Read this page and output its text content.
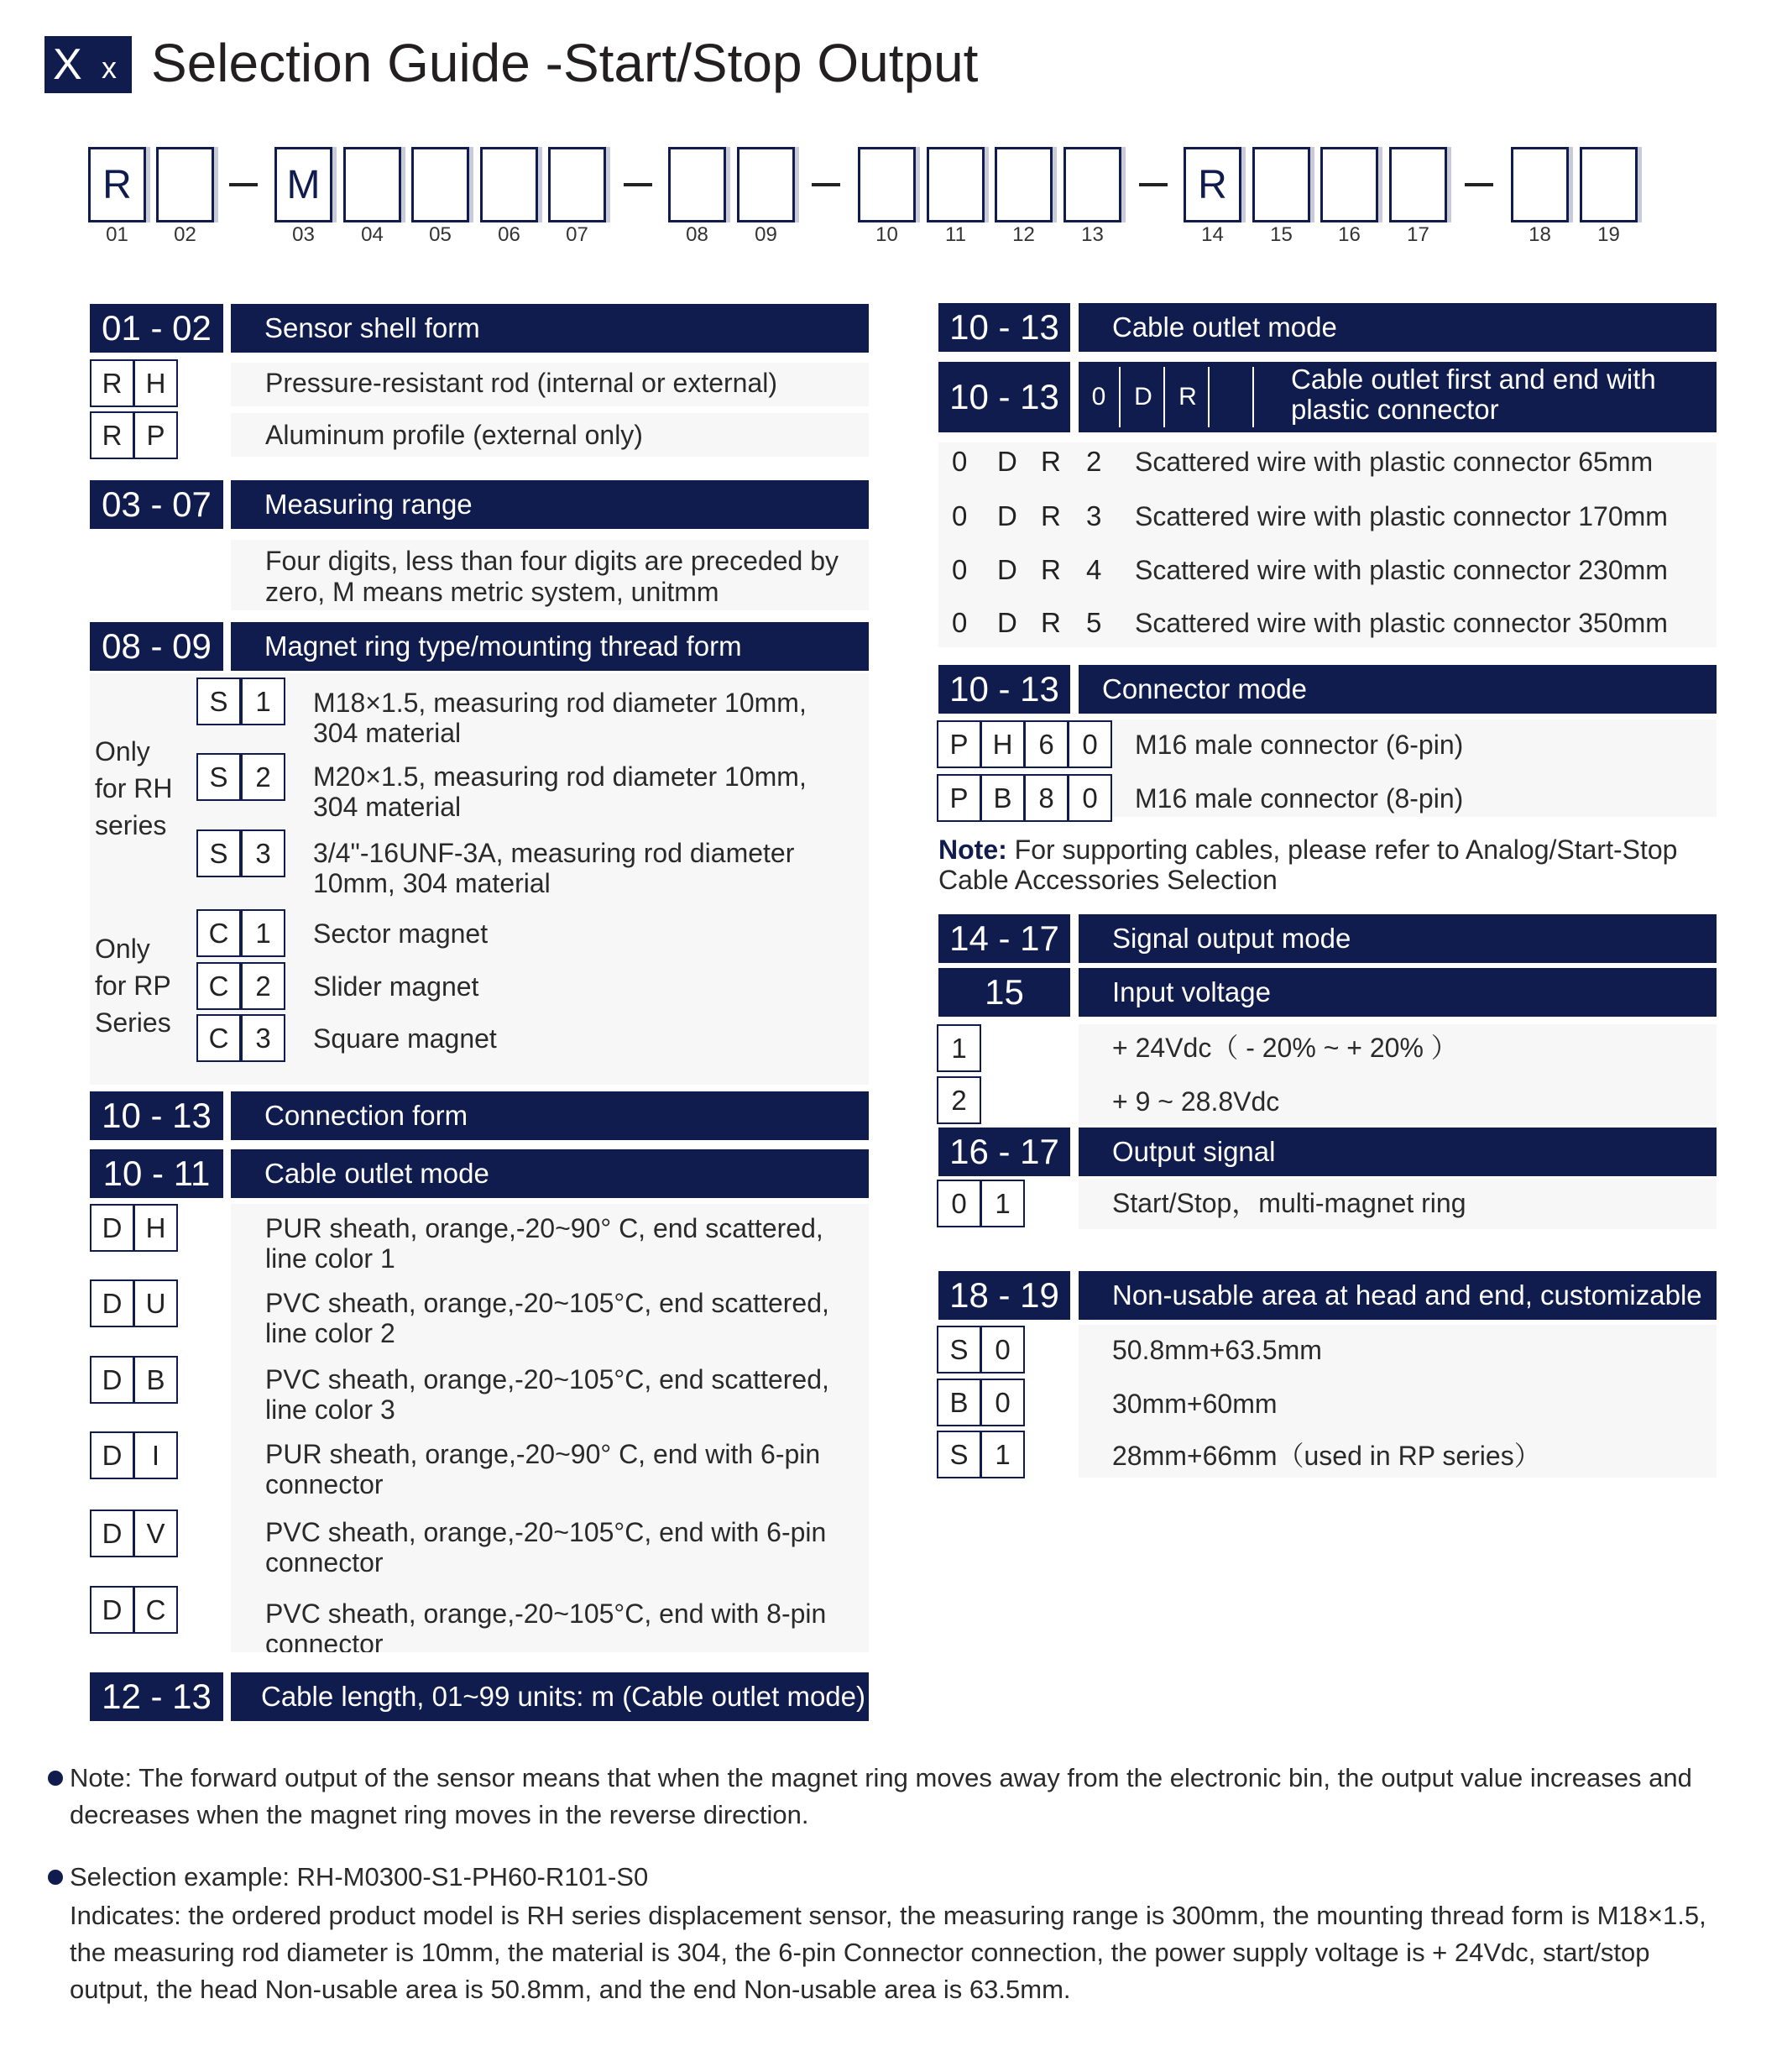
X x Selection Guide -Start/Stop Output
R	M	R
01	02	03	04	05	06	07	08	09	10	11	12	13	14	15	16	17	18	19
01 - 02	Sensor shell form
R H	Pressure-resistant rod (internal or external)
R P	Aluminum profile (external only)
03 - 07	Measuring range
Four digits, less than four digits are preceded by
zero, M means metric system, unitmm
08 - 09	Magnet ring type/mounting thread form
Only
for RH
series
Only
for RP
Series
S 1	M18×1.5, measuring rod diameter 10mm,
304 material
S 2	M20×1.5, measuring rod diameter 10mm,
304 material
S 3	3/4"-16UNF-3A, measuring rod diameter
10mm, 304 material
C 1	Sector magnet
C 2	Slider magnet
C 3	Square magnet
10 - 13	Connection form
10 - 11	Cable outlet mode
D H	PUR sheath, orange,-20~90° C, end scattered,
line color 1
D U	PVC sheath, orange,-20~105°C, end scattered,
line color 2
D B	PVC sheath, orange,-20~105°C, end scattered,
line color 3
D	I	PUR sheath, orange,-20~90° C, end with 6-pin
connector
D V	PVC sheath, orange,-20~105°C, end with 6-pin
connector
D C	PVC sheath, orange,-20~105°C, end with 8-pin
connector
12 - 13	Cable length, 01~99 units: m (Cable outlet mode)
10 - 13	Cable outlet mode
10 - 13	0	D	R
Cable outlet first and end with
plastic connector
0 D R 2 Scattered wire with plastic connector 65mm
0 D R 3 Scattered wire with plastic connector 170mm
0 D R 4 Scattered wire with plastic connector 230mm
0 D R 5 Scattered wire with plastic connector 350mm
10 - 13	Connector mode
P H 6	0	M16 male connector (6-pin)
P B 8	0	M16 male connector (8-pin)
Note: For supporting cables, please refer to Analog/Start-Stop
Cable Accessories Selection
14 - 17	Signal output mode
15	Input voltage
1	+ 24Vdc（ - 20% ~ + 20% ）
2	+ 9 ~ 28.8Vdc
16 - 17	Output signal
0	1	Start/Stop，multi-magnet ring
18 - 19	Non-usable area at head and end, customizable
S 0	50.8mm+63.5mm
B 0	30mm+60mm
S 1	28mm+66mm（used in RP series）
Note: The forward output of the sensor means that when the magnet ring moves away from the electronic bin, the output value increases and
decreases when the magnet ring moves in the reverse direction.
Selection example: RH-M0300-S1-PH60-R101-S0
Indicates: the ordered product model is RH series displacement sensor, the measuring range is 300mm, the mounting thread form is M18×1.5,
the measuring rod diameter is 10mm, the material is 304, the 6-pin Connector connection, the power supply voltage is + 24Vdc, start/stop
output, the head Non-usable area is 50.8mm, and the end Non-usable area is 63.5mm.
